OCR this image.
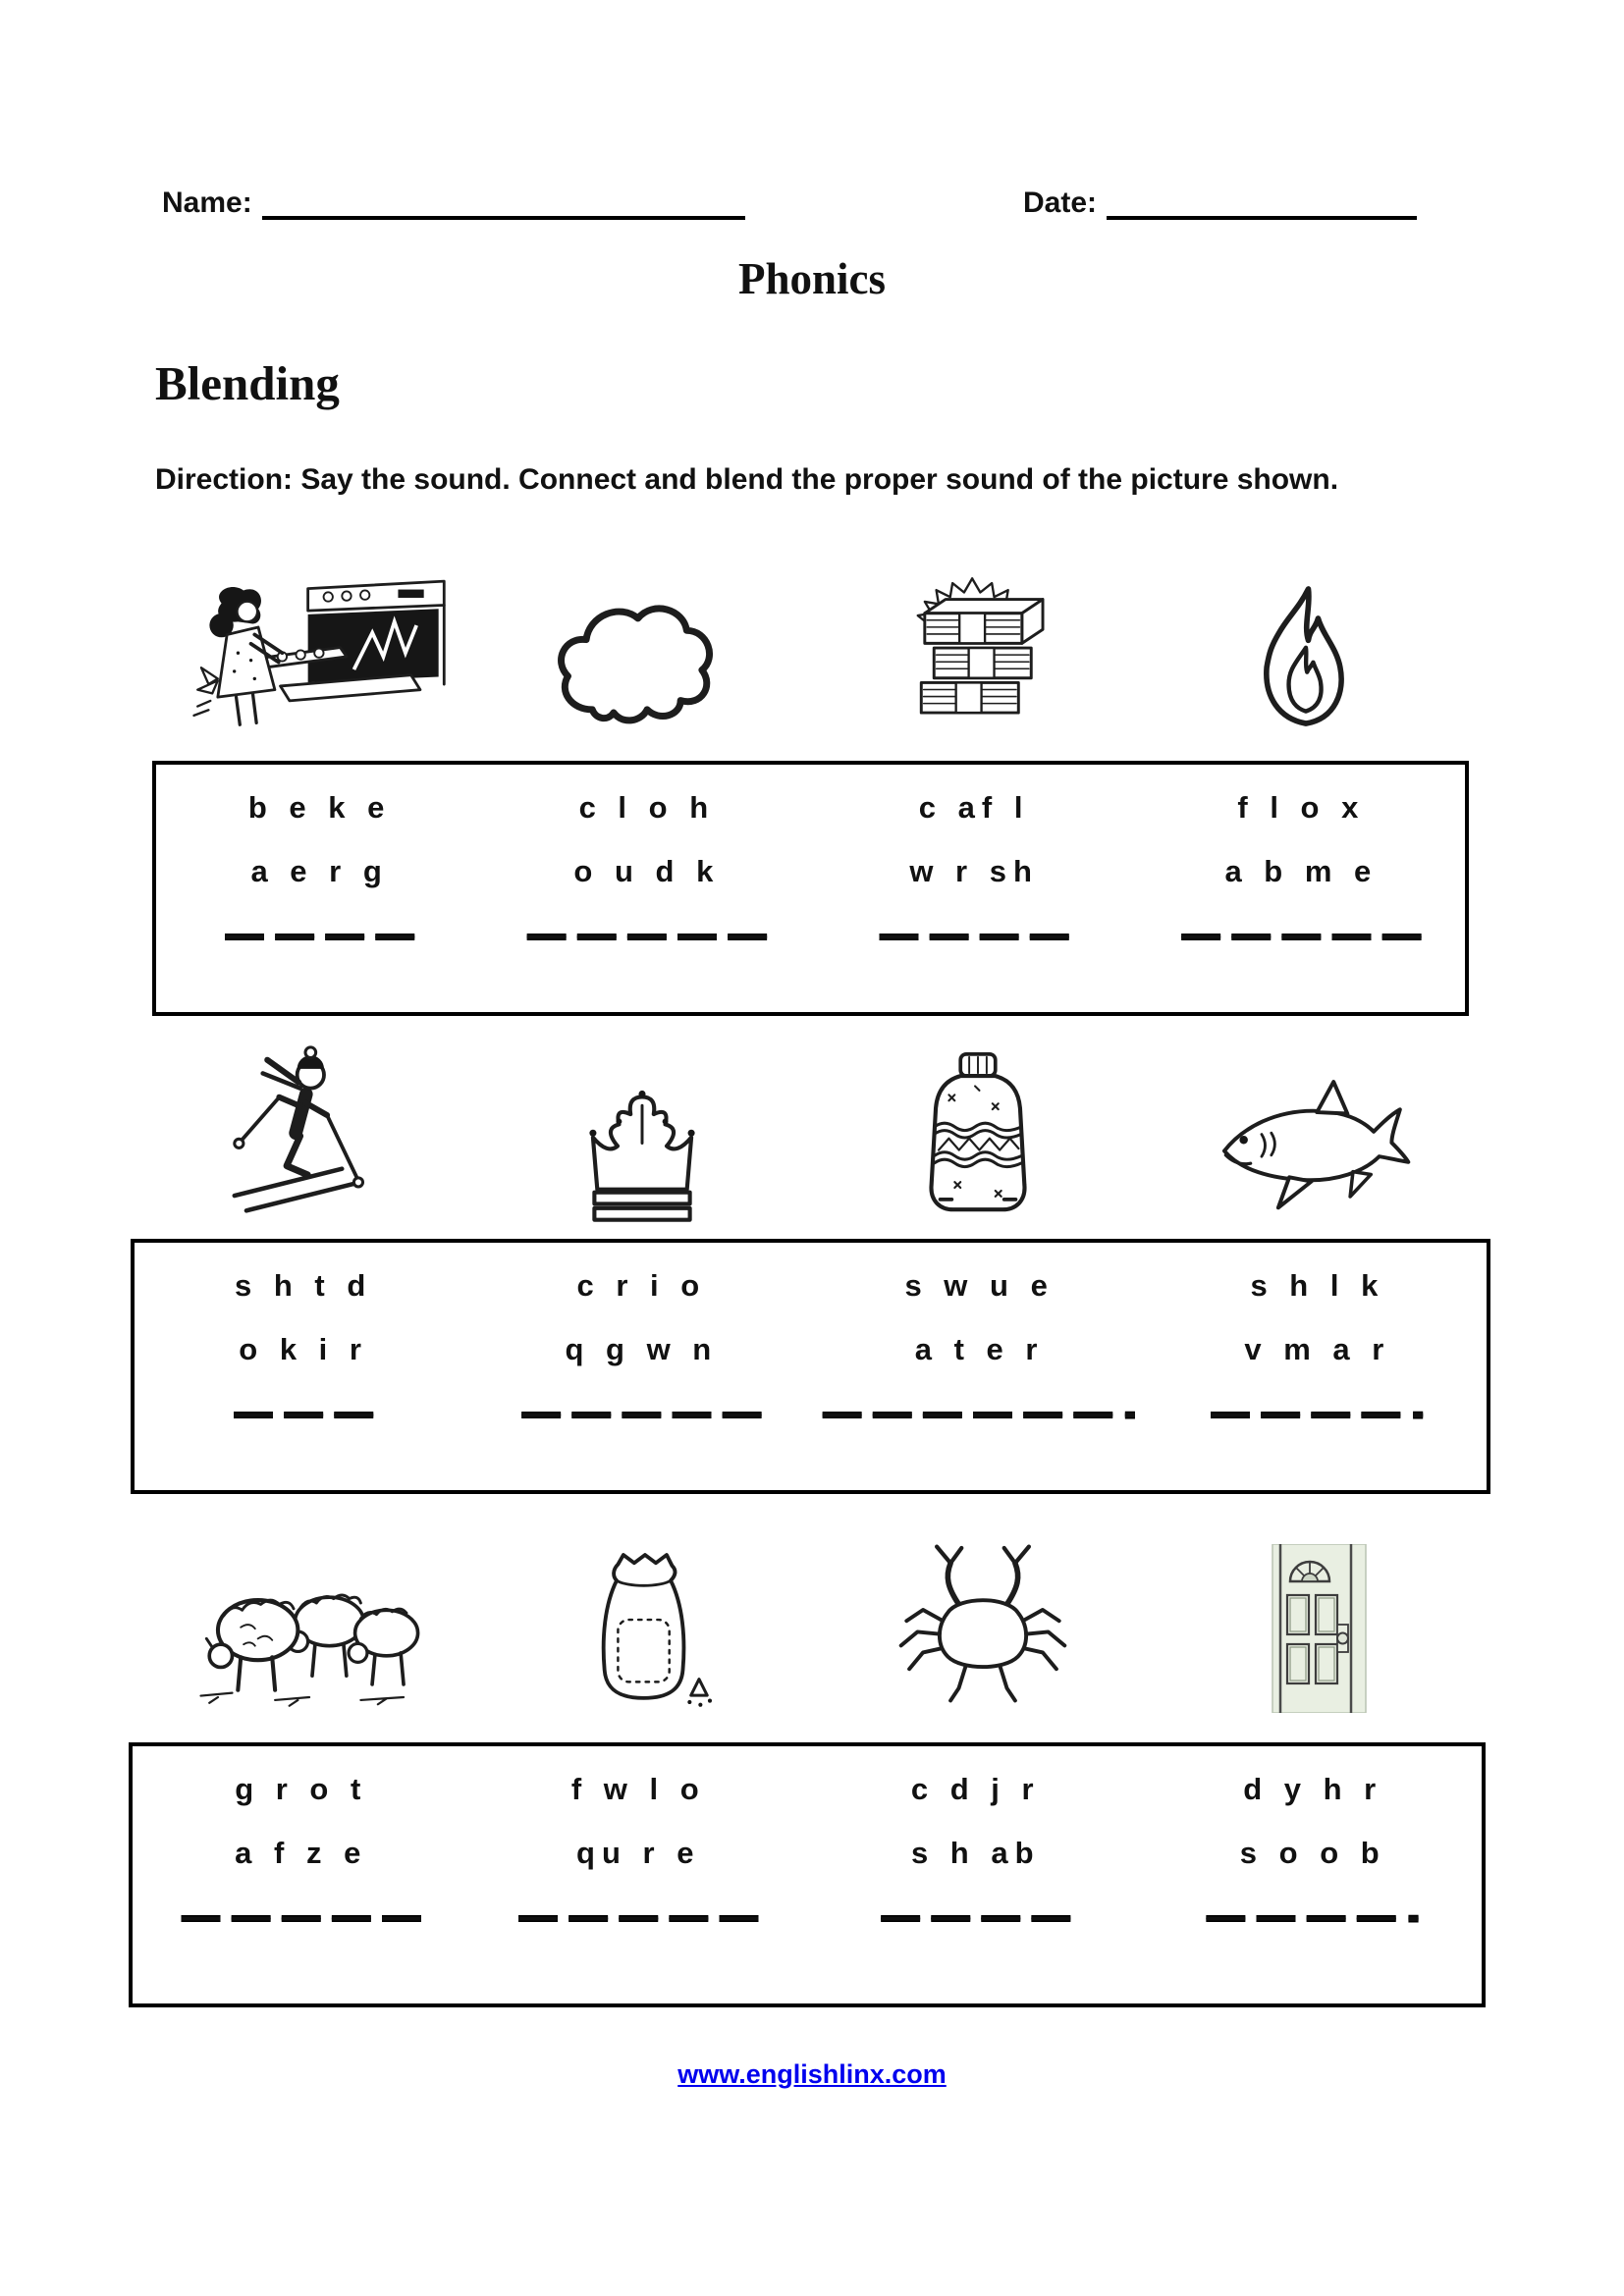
Name:	Date:
Phonics
Blending
Direction: Say the sound. Connect and blend the proper sound of the picture shown.
b e k e
a e r g
— — — —
c l o h
o u d k
— — — — —
c af l
w r sh
— — — —
f l o x
a b m e
— — — — —
s h t d
o k i r
— — —
c r i o
q g w n
— — — — —
s w u e
a t e r
— — — — — — -
s h l k
v m a r
— — — — -
g r o t
a f z e
— — — — —
f w l o
qu r e
— — — — —
c d j r
s h ab
— — — —
d y h r
s o o b
— — — — -
www.englishlinx.com
